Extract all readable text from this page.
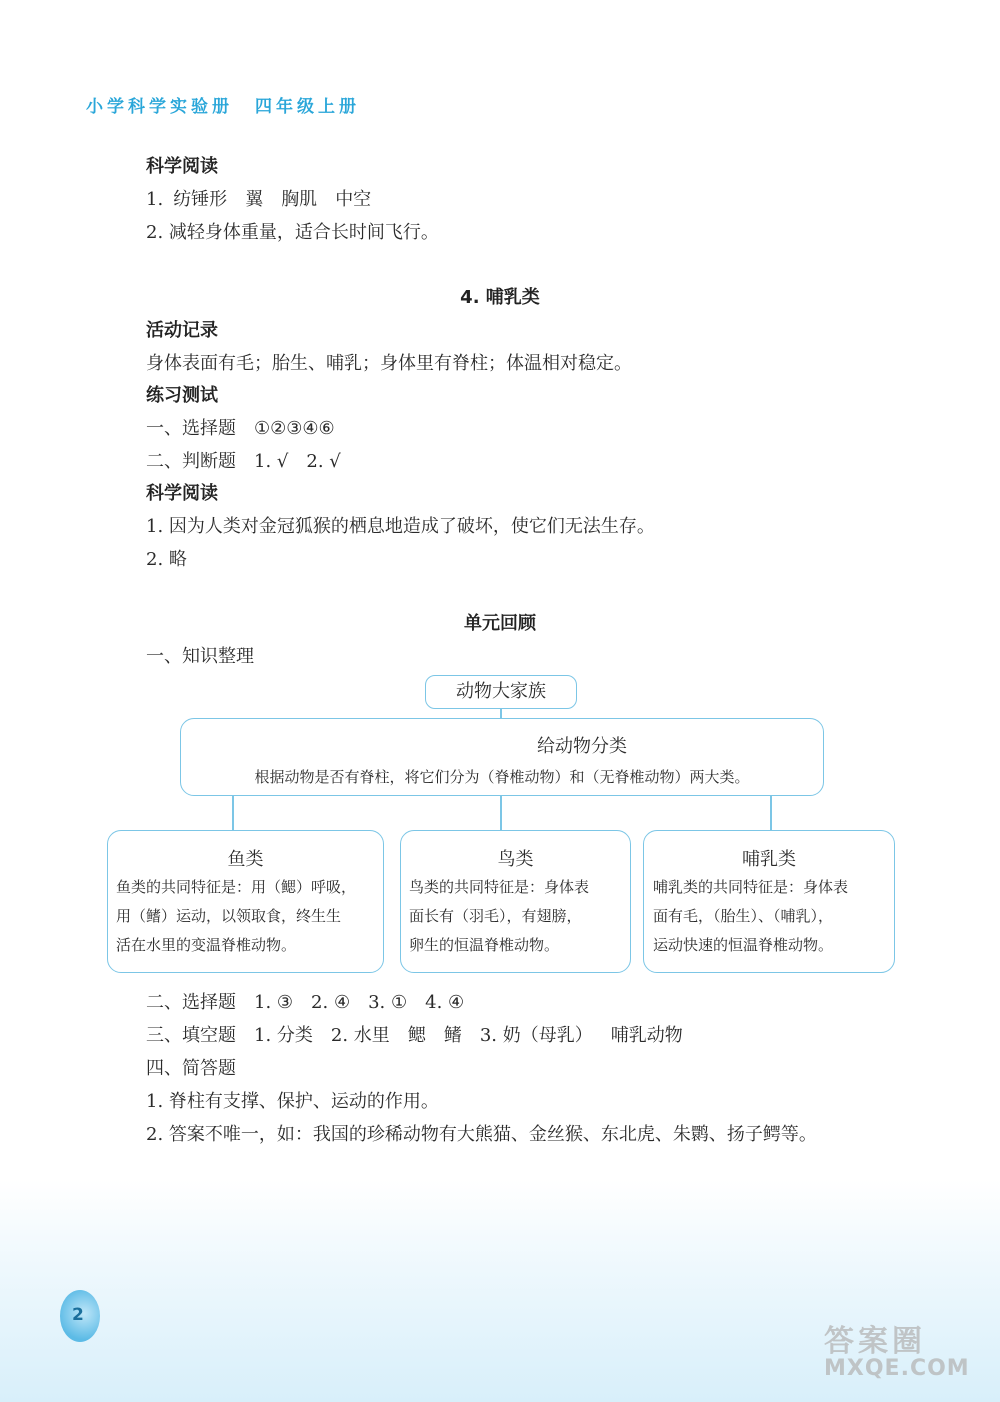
小学科学实验册 四年级上册
科学阅读
1. 纺锤形 翼 胸肌 中空
2. 减轻身体重量，适合长时间飞行。
4. 哺乳类
活动记录
身体表面有毛；胎生、哺乳；身体里有脊柱；体温相对稳定。
练习测试
一、选择题 ①②③④⑥
二、判断题 1. √ 2. √
科学阅读
1. 因为人类对金冠狐猴的栖息地造成了破坏，使它们无法生存。
2. 略
单元回顾
一、知识整理
动物大家族
给动物分类
根据动物是否有脊柱，将它们分为（脊椎动物）和（无脊椎动物）两大类。
鱼类
鱼类的共同特征是：用（鳃）呼吸，
用（鳍）运动，以领取食，终生生
活在水里的变温脊椎动物。
鸟类
鸟类的共同特征是：身体表
面长有（羽毛），有翅膀，
卵生的恒温脊椎动物。
哺乳类
哺乳类的共同特征是：身体表
面有毛，（胎生）、（哺乳），
运动快速的恒温脊椎动物。
二、选择题 1. ③ 2. ④ 3. ① 4. ④
三、填空题 1. 分类 2. 水里 鳃 鳍 3. 奶（母乳） 哺乳动物
四、简答题
1. 脊柱有支撑、保护、运动的作用。
2. 答案不唯一，如：我国的珍稀动物有大熊猫、金丝猴、东北虎、朱鹮、扬子鳄等。
2
答案圈
MXQE.COM
